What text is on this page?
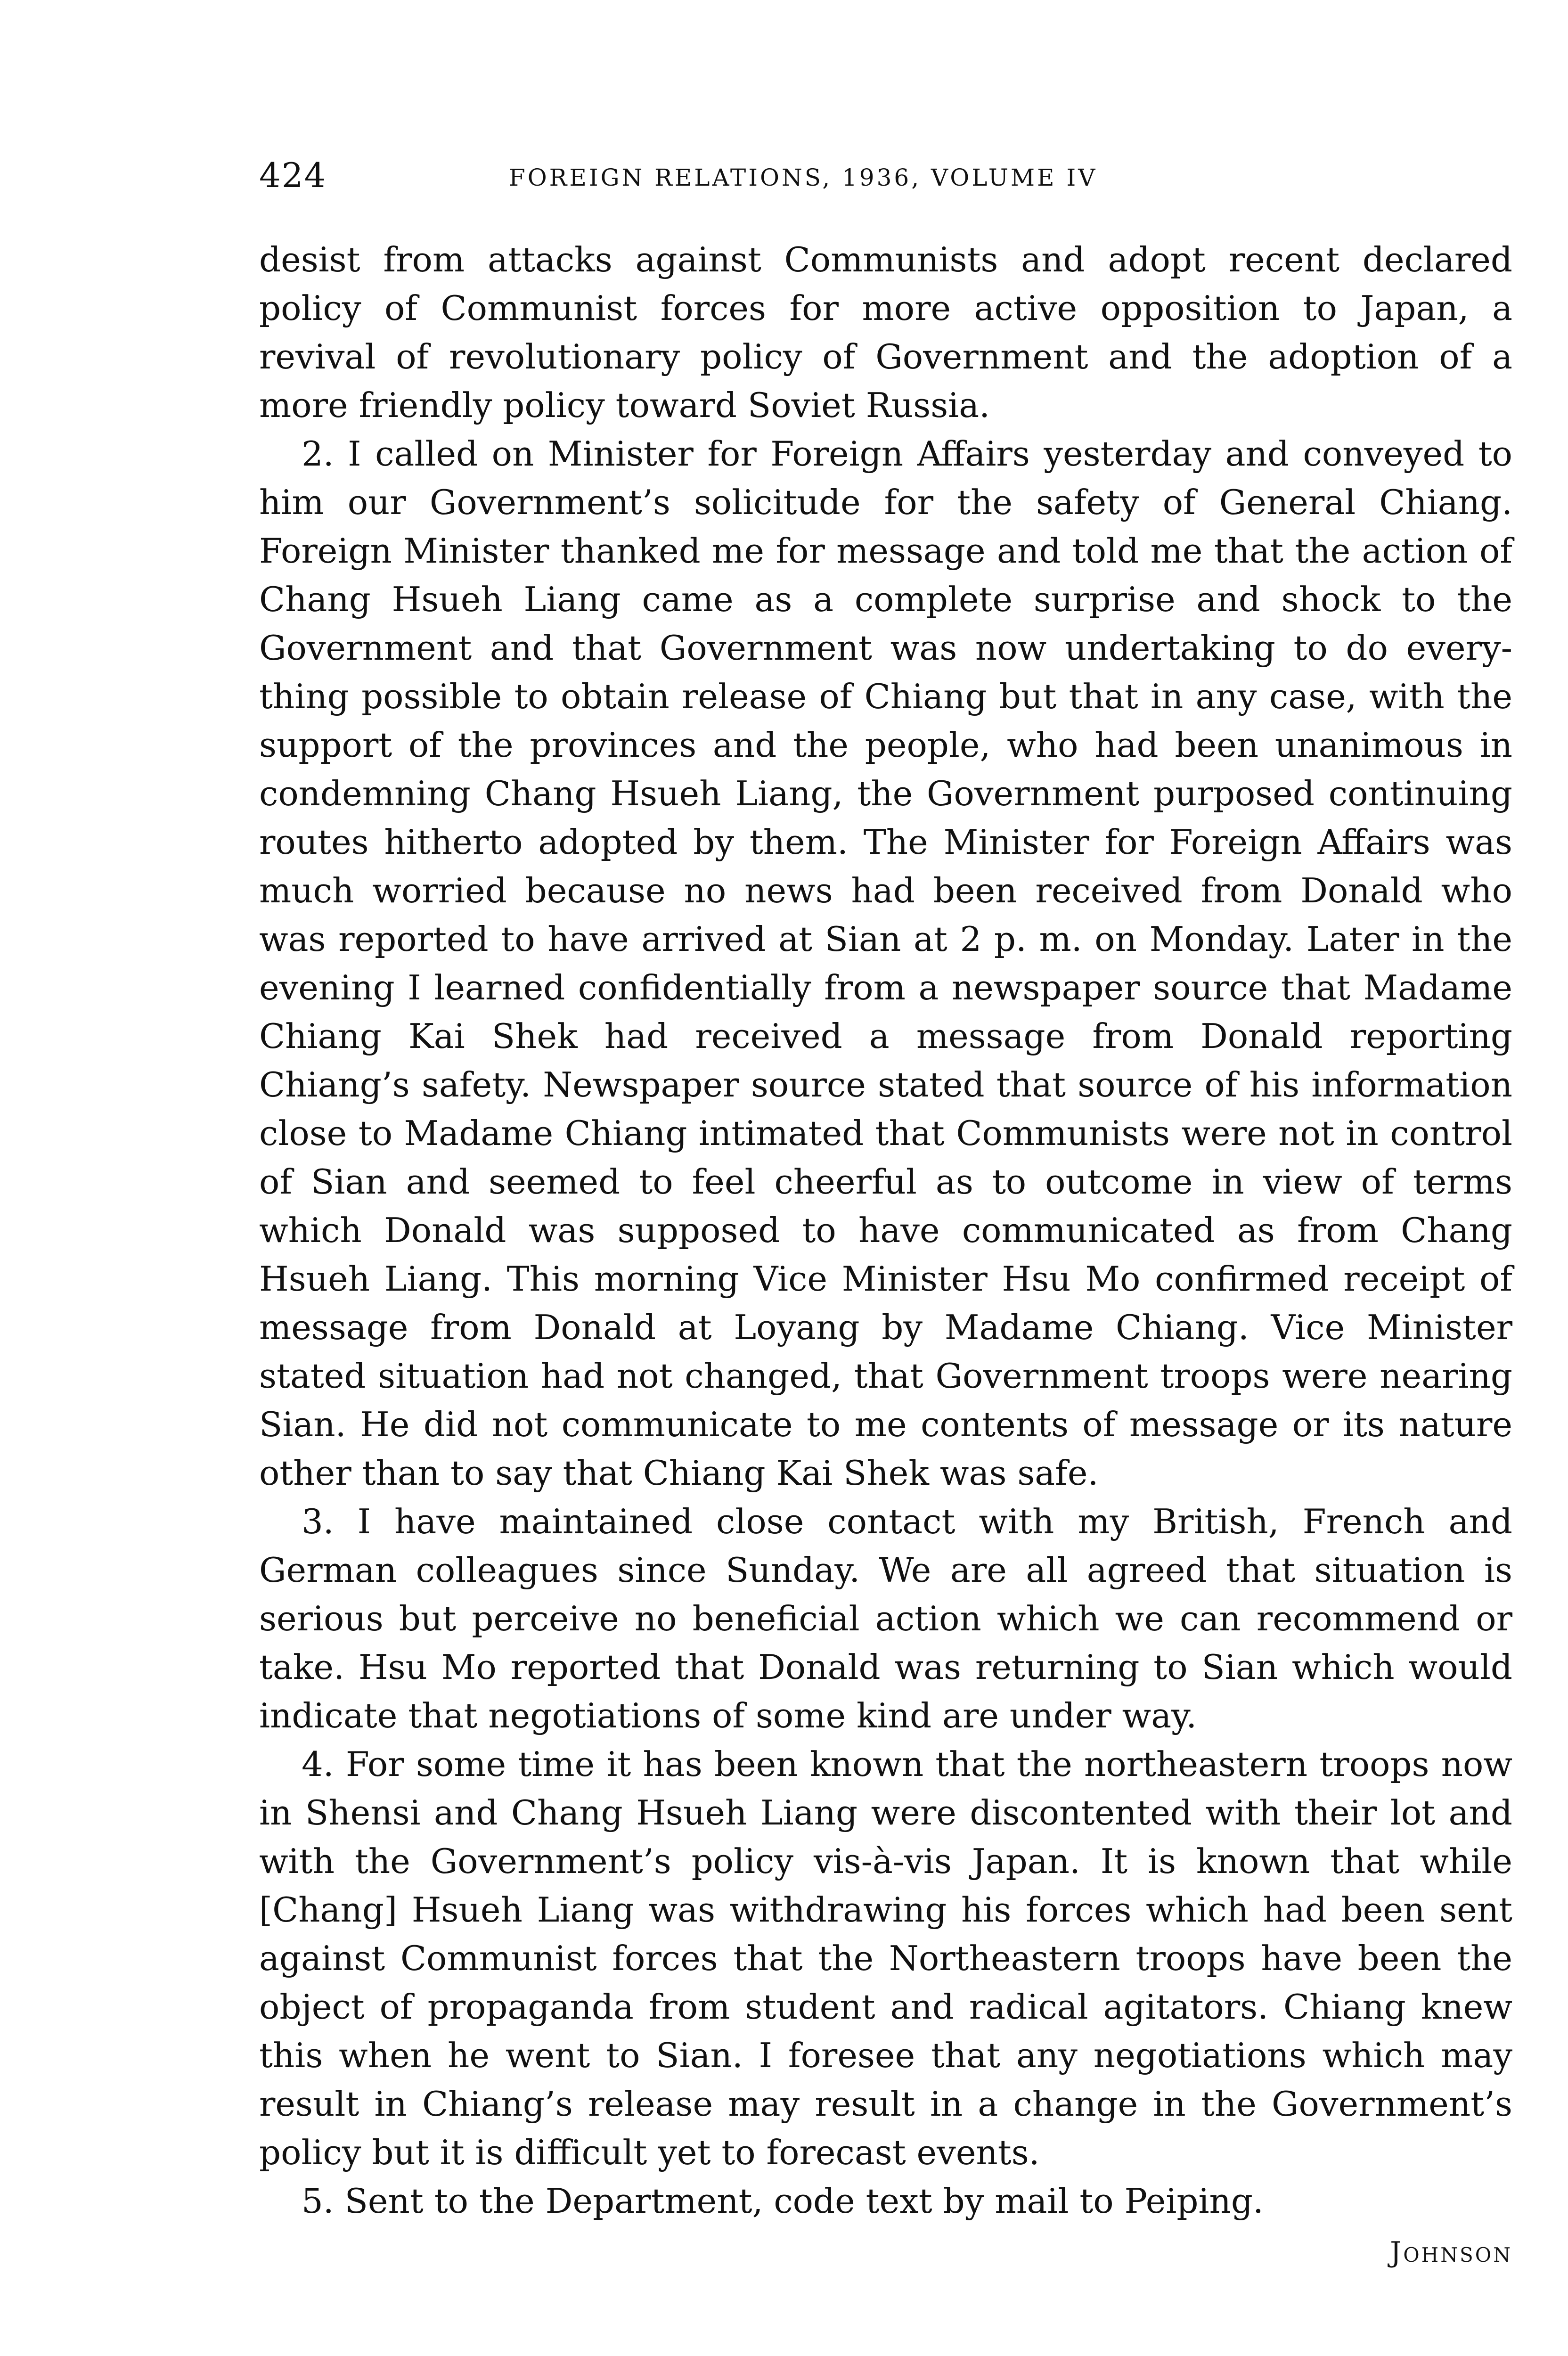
424	FOREIGN RELATIONS, 1936, VOLUME IV

desist from attacks against Communists and adopt recent declared policy of Communist forces for more active opposition to Japan, a revival of revolutionary policy of Government and the adoption of a more friendly policy toward Soviet Russia.

2. I called on Minister for Foreign Affairs yesterday and conveyed to him our Government’s solicitude for the safety of General Chiang. Foreign Minister thanked me for message and told me that the action of Chang Hsueh Liang came as a complete surprise and shock to the Government and that Government was now undertaking to do everything possible to obtain release of Chiang but that in any case, with the support of the provinces and the people, who had been unanimous in condemning Chang Hsueh Liang, the Government purposed continuing routes hitherto adopted by them. The Minister for Foreign Affairs was much worried because no news had been received from Donald who was reported to have arrived at Sian at 2 p. m. on Monday. Later in the evening I learned confidentially from a newspaper source that Madame Chiang Kai Shek had received a message from Donald reporting Chiang’s safety. Newspaper source stated that source of his information close to Madame Chiang intimated that Communists were not in control of Sian and seemed to feel cheerful as to outcome in view of terms which Donald was supposed to have communicated as from Chang Hsueh Liang. This morning Vice Minister Hsu Mo confirmed receipt of message from Donald at Loyang by Madame Chiang. Vice Minister stated situation had not changed, that Government troops were nearing Sian. He did not communicate to me contents of message or its nature other than to say that Chiang Kai Shek was safe.

3. I have maintained close contact with my British, French and German colleagues since Sunday. We are all agreed that situation is serious but perceive no beneficial action which we can recommend or take. Hsu Mo reported that Donald was returning to Sian which would indicate that negotiations of some kind are under way.

4. For some time it has been known that the northeastern troops now in Shensi and Chang Hsueh Liang were discontented with their lot and with the Government’s policy vis-à-vis Japan. It is known that while [Chang] Hsueh Liang was withdrawing his forces which had been sent against Communist forces that the Northeastern troops have been the object of propaganda from student and radical agitators. Chiang knew this when he went to Sian. I foresee that any negotiations which may result in Chiang’s release may result in a change in the Government’s policy but it is difficult yet to forecast events.

5. Sent to the Department, code text by mail to Peiping.

Johnson
